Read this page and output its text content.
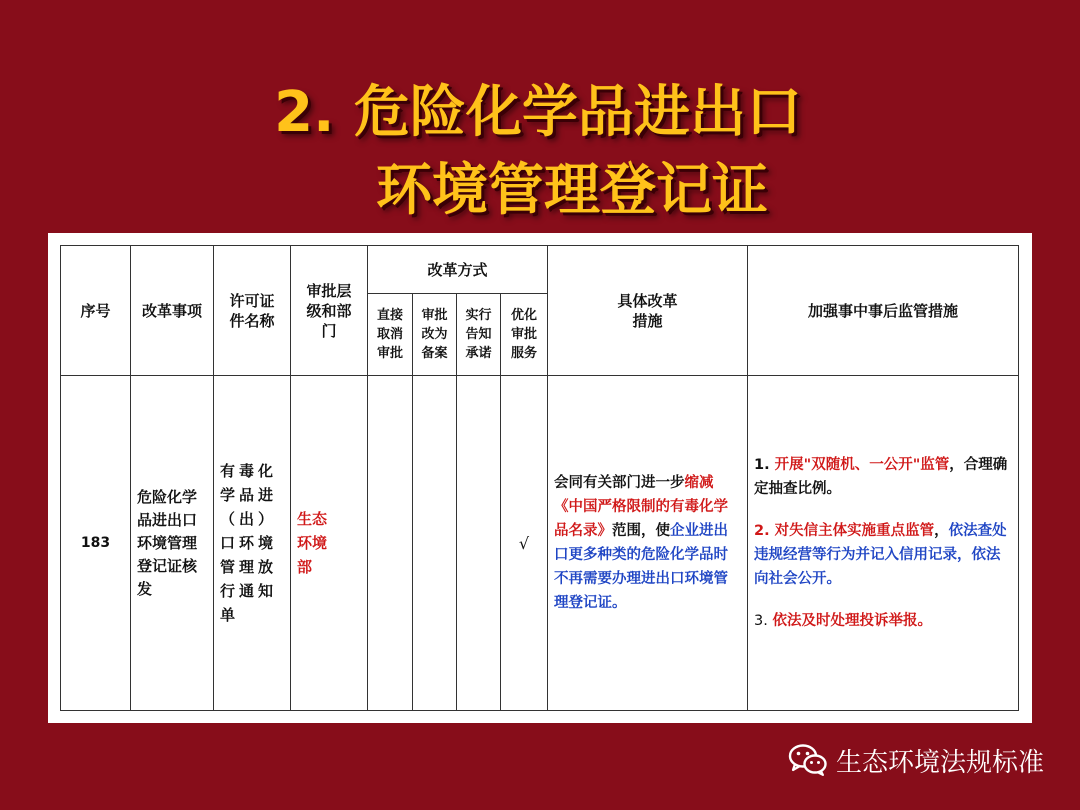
2. 危险化学品进出口
环境管理登记证
序号	改革事项	许可证件名称	审批层级和部门	改革方式				具体改革措施	加强事中事后监管措施

				直接取消审批	审批改为备案	实行告知承诺	优化审批服务		

183	危险化学品进出口环境管理登记证核发	有毒化学品进（出）口环境管理放行通知单	生态环境部				√	会同有关部门进一步缩减《中国严格限制的有毒化学品名录》范围，使企业进出口更多种类的危险化学品时不再需要办理进出口环境管理登记证。	1. 开展"双随机、一公开"监管，合理确定抽查比例。

2. 对失信主体实施重点监管，依法查处违规经营等行为并记入信用记录，依法向社会公开。

3. 依法及时处理投诉举报。

生态环境法规标准
